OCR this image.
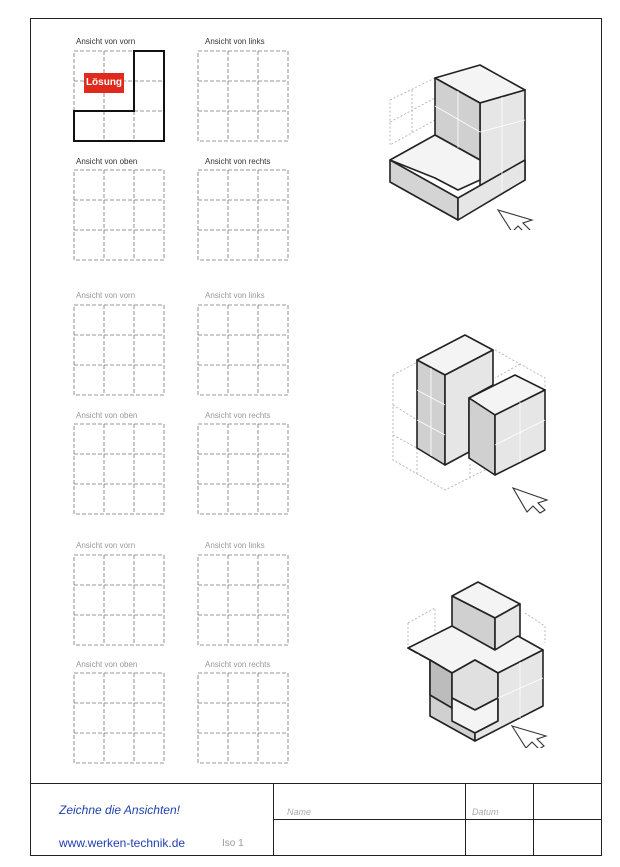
Ansicht von vorn	Ansicht von links
Ansicht von oben	Ansicht von rechts
Lösung
Ansicht von vorn	Ansicht von links
Ansicht von oben	Ansicht von rechts
Ansicht von vorn	Ansicht von links
Ansicht von oben	Ansicht von rechts
Zeichne die Ansichten!
www.werken-technik.de	Iso 1
Name	Datum
